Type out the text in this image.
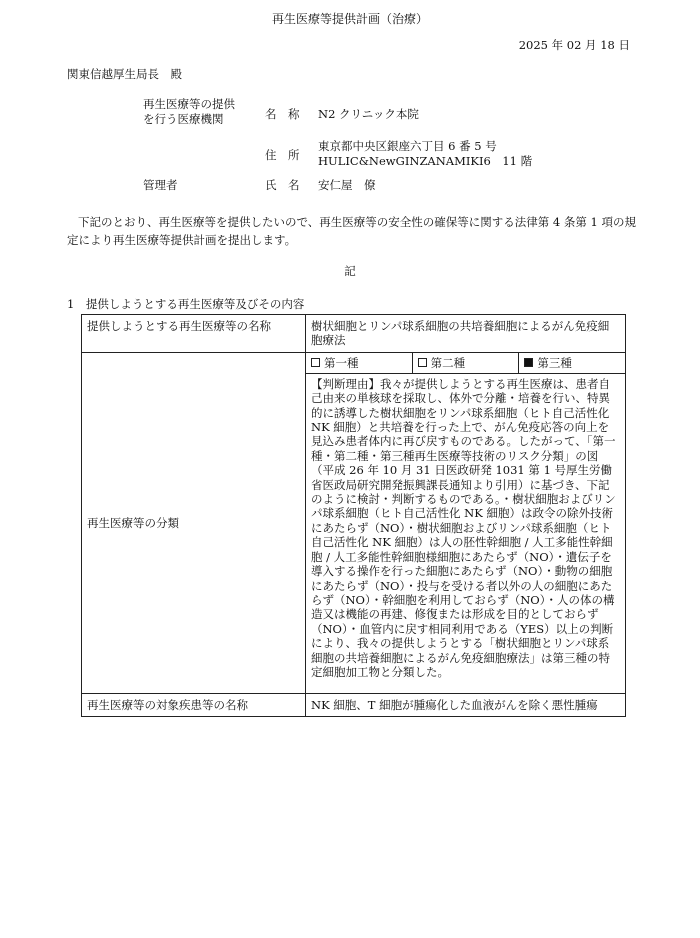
再生医療等提供計画（治療）
2025 年 02 月 18 日
関東信越厚生局長　殿
再生医療等の提供
を行う医療機関	名　称 N2 クリニック本院
住　所
東京都中央区銀座六丁目 6 番 5 号
HULIC&NewGINZANAMIKI6　11 階
管理者	氏　名 安仁屋　僚
下記のとおり、再生医療等を提供したいので、再生医療等の安全性の確保等に関する法律第 4 条第 1 項の規定により再生医療等提供計画を提出します。
記
1　提供しようとする再生医療等及びその内容
提供しようとする再生医療等の名称	樹状細胞とリンパ球系細胞の共培養細胞によるがん免疫細胞療法
再生医療等の分類	第一種 第二種 第三種
【判断理由】我々が提供しようとする再生医療は、患者自己由来の単核球を採取し、体外で分離・培養を行い、特異的に誘導した樹状細胞をリンパ球系細胞（ヒト自己活性化 NK 細胞）と共培養を行った上で、がん免疫応答の向上を見込み患者体内に再び戻すものである。したがって、「第一種・第二種・第三種再生医療等技術のリスク分類」の図（平成 26 年 10 月 31 日医政研発 1031 第 1 号厚生労働省医政局研究開発振興課長通知より引用）に基づき、下記のように検討・判断するものである。・樹状細胞およびリンパ球系細胞（ヒト自己活性化 NK 細胞）は政令の除外技術にあたらず（NO）・樹状細胞およびリンパ球系細胞（ヒト自己活性化 NK 細胞）は人の胚性幹細胞 / 人工多能性幹細胞 / 人工多能性幹細胞様細胞にあたらず（NO）・遺伝子を導入する操作を行った細胞にあたらず（NO）・動物の細胞にあたらず（NO）・投与を受ける者以外の人の細胞にあたらず（NO）・幹細胞を利用しておらず（NO）・人の体の構造又は機能の再建、修復または形成を目的としておらず（NO）・血管内に戻す相同利用である（YES）以上の判断により、我々の提供しようとする「樹状細胞とリンパ球系細胞の共培養細胞によるがん免疫細胞療法」は第三種の特定細胞加工物と分類した。

再生医療等の対象疾患等の名称	NK 細胞、T 細胞が腫瘍化した血液がんを除く悪性腫瘍
